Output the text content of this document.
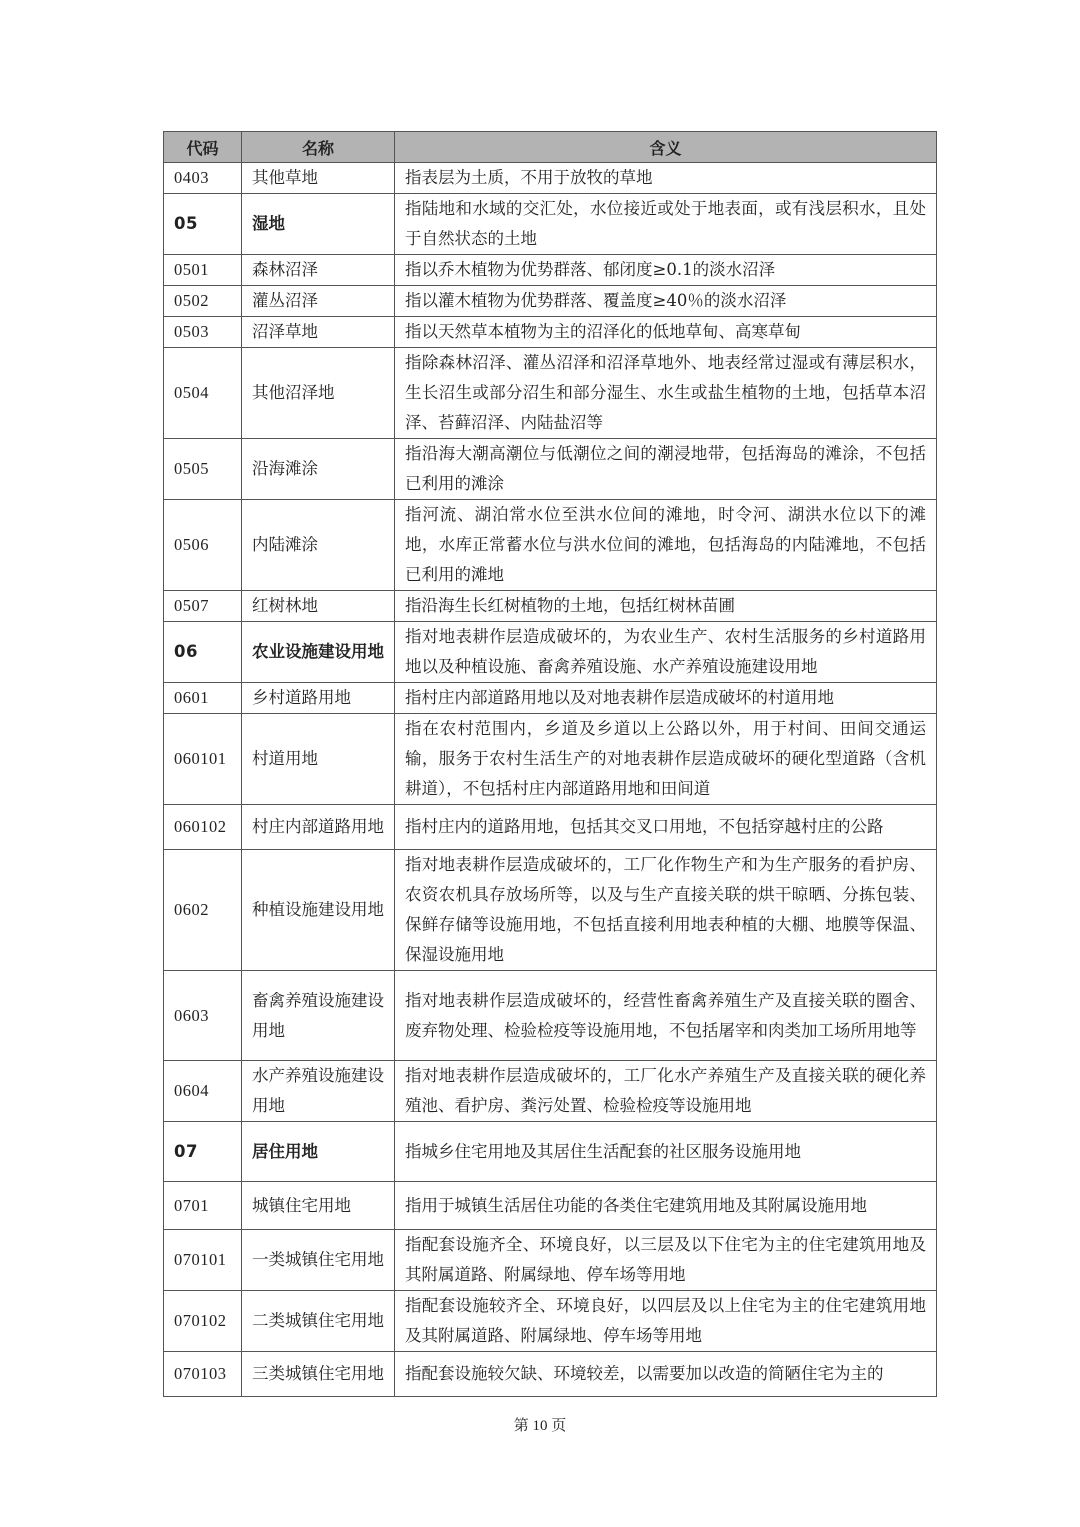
代码	名称	含义
0403	其他草地	指表层为土质，不用于放牧的草地
05	湿地	指陆地和水域的交汇处，水位接近或处于地表面，或有浅层积水，且处于自然状态的土地
0501	森林沼泽	指以乔木植物为优势群落、郁闭度≥0.1的淡水沼泽
0502	灌丛沼泽	指以灌木植物为优势群落、覆盖度≥40％的淡水沼泽
0503	沼泽草地	指以天然草本植物为主的沼泽化的低地草甸、高寒草甸
0504	其他沼泽地	指除森林沼泽、灌丛沼泽和沼泽草地外、地表经常过湿或有薄层积水，生长沼生或部分沼生和部分湿生、水生或盐生植物的土地，包括草本沼泽、苔藓沼泽、内陆盐沼等
0505	沿海滩涂	指沿海大潮高潮位与低潮位之间的潮浸地带，包括海岛的滩涂，不包括已利用的滩涂
0506	内陆滩涂	指河流、湖泊常水位至洪水位间的滩地，时令河、湖洪水位以下的滩地，水库正常蓄水位与洪水位间的滩地，包括海岛的内陆滩地，不包括已利用的滩地
0507	红树林地	指沿海生长红树植物的土地，包括红树林苗圃
06	农业设施建设用地	指对地表耕作层造成破坏的，为农业生产、农村生活服务的乡村道路用地以及种植设施、畜禽养殖设施、水产养殖设施建设用地
0601	乡村道路用地	指村庄内部道路用地以及对地表耕作层造成破坏的村道用地
060101	村道用地	指在农村范围内，乡道及乡道以上公路以外，用于村间、田间交通运输，服务于农村生活生产的对地表耕作层造成破坏的硬化型道路（含机耕道），不包括村庄内部道路用地和田间道
060102	村庄内部道路用地	指村庄内的道路用地，包括其交叉口用地，不包括穿越村庄的公路
0602	种植设施建设用地	指对地表耕作层造成破坏的，工厂化作物生产和为生产服务的看护房、农资农机具存放场所等，以及与生产直接关联的烘干晾晒、分拣包装、保鲜存储等设施用地，不包括直接利用地表种植的大棚、地膜等保温、保湿设施用地
0603	畜禽养殖设施建设用地	指对地表耕作层造成破坏的，经营性畜禽养殖生产及直接关联的圈舍、废弃物处理、检验检疫等设施用地，不包括屠宰和肉类加工场所用地等
0604	水产养殖设施建设用地	指对地表耕作层造成破坏的，工厂化水产养殖生产及直接关联的硬化养殖池、看护房、粪污处置、检验检疫等设施用地
07	居住用地	指城乡住宅用地及其居住生活配套的社区服务设施用地
0701	城镇住宅用地	指用于城镇生活居住功能的各类住宅建筑用地及其附属设施用地
070101	一类城镇住宅用地	指配套设施齐全、环境良好，以三层及以下住宅为主的住宅建筑用地及其附属道路、附属绿地、停车场等用地
070102	二类城镇住宅用地	指配套设施较齐全、环境良好，以四层及以上住宅为主的住宅建筑用地及其附属道路、附属绿地、停车场等用地
070103	三类城镇住宅用地	指配套设施较欠缺、环境较差，以需要加以改造的简陋住宅为主的
第 10 页
